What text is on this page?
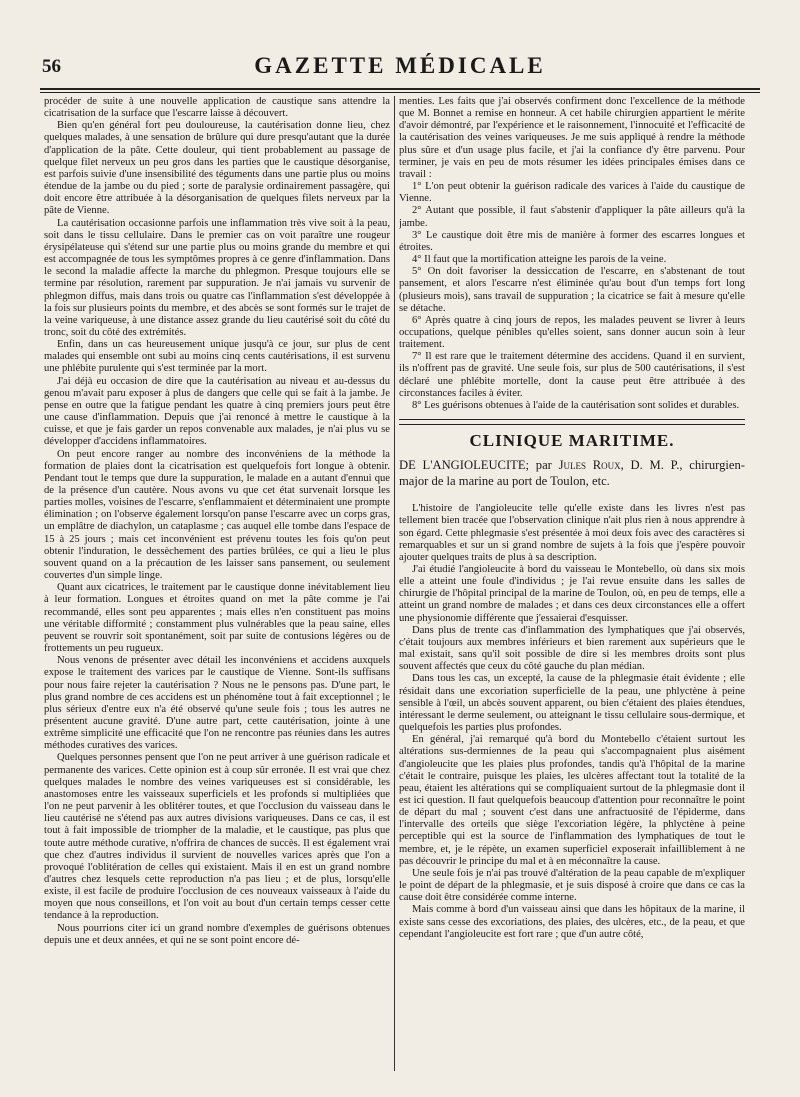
56	GAZETTE MÉDICALE

procéder de suite à une nouvelle application de caustique sans attendre la cicatrisation de la surface que l'escarre laisse à découvert.

Bien qu'en général fort peu douloureuse, la cautérisation donne lieu, chez quelques malades, à une sensation de brûlure qui dure presqu'autant que la durée d'application de la pâte. Cette douleur, qui tient probablement au passage de quelque filet nerveux un peu gros dans les parties que le caustique désorganise, est parfois suivie d'une insensibilité des téguments dans une partie plus ou moins étendue de la jambe ou du pied ; sorte de paralysie ordinairement passagère, qui doit encore être attribuée à la désorganisation de quelques filets nerveux par la pâte de Vienne.

La cautérisation occasionne parfois une inflammation très vive soit à la peau, soit dans le tissu cellulaire. Dans le premier cas on voit paraître une rougeur érysipélateuse qui s'étend sur une partie plus ou moins grande du membre et qui est accompagnée de tous les symptômes propres à ce genre d'inflammation. Dans le second la maladie affecte la marche du phlegmon. Presque toujours elle se termine par résolution, rarement par suppuration. Je n'ai jamais vu survenir de phlegmon diffus, mais dans trois ou quatre cas l'inflammation s'est développée à la fois sur plusieurs points du membre, et des abcès se sont formés sur le trajet de la veine variqueuse, à une distance assez grande du lieu cautérisé soit du côté du tronc, soit du côté des extrémités.

Enfin, dans un cas heureusement unique jusqu'à ce jour, sur plus de cent malades qui ensemble ont subi au moins cinq cents cautérisations, il est survenu une phlébite purulente qui s'est terminée par la mort.

J'ai déjà eu occasion de dire que la cautérisation au niveau et au-dessus du genou m'avait paru exposer à plus de dangers que celle qui se fait à la jambe. Je pense en outre que la fatigue pendant les quatre à cinq premiers jours peut être une cause d'inflammation. Depuis que j'ai renoncé à mettre le caustique à la cuisse, et que je fais garder un repos convenable aux malades, je n'ai plus vu se développer d'accidens inflammatoires.

On peut encore ranger au nombre des inconvéniens de la méthode la formation de plaies dont la cicatrisation est quelquefois fort longue à obtenir. Pendant tout le temps que dure la suppuration, le malade en a autant d'ennui que de la présence d'un cautère. Nous avons vu que cet état survenait lorsque les parties molles, voisines de l'escarre, s'enflammaient et déterminaient une prompte élimination ; on l'observe également lorsqu'on panse l'escarre avec un corps gras, un emplâtre de diachylon, un cataplasme ; cas auquel elle tombe dans l'espace de 15 à 25 jours ; mais cet inconvénient est prévenu toutes les fois qu'on peut obtenir l'induration, le dessèchement des parties brûlées, ce qui a lieu le plus souvent quand on a la précaution de les laisser sans pansement, ou seulement couvertes d'un simple linge.

Quant aux cicatrices, le traitement par le caustique donne inévitablement lieu à leur formation. Longues et étroites quand on met la pâte comme je l'ai recommandé, elles sont peu apparentes ; mais elles n'en constituent pas moins une véritable difformité ; constamment plus vulnérables que la peau saine, elles peuvent se rouvrir soit spontanément, soit par suite de contusions légères ou de frottements un peu rugueux.

Nous venons de présenter avec détail les inconvéniens et accidens auxquels expose le traitement des varices par le caustique de Vienne. Sont-ils suffisans pour nous faire rejeter la cautérisation ? Nous ne le pensons pas. D'une part, le plus grand nombre de ces accidens est un phénomène tout à fait exceptionnel ; le plus sérieux d'entre eux n'a été observé qu'une seule fois ; tous les autres ne présentent aucune gravité. D'une autre part, cette cautérisation, jointe à une extrême simplicité une efficacité que l'on ne rencontre pas réunies dans les autres méthodes curatives des varices.

Quelques personnes pensent que l'on ne peut arriver à une guérison radicale et permanente des varices. Cette opinion est à coup sûr erronée. Il est vrai que chez quelques malades le nombre des veines variqueuses est si considérable, les anastomoses entre les vaisseaux superficiels et les profonds si multipliées que l'on ne peut parvenir à les oblitérer toutes, et que l'occlusion du vaisseau dans le lieu cautérisé ne s'étend pas aux autres divisions variqueuses. Dans ce cas, il est tout à fait impossible de triompher de la maladie, et le caustique, pas plus que toute autre méthode curative, n'offrira de chances de succès. Il est également vrai que chez d'autres individus il survient de nouvelles varices après que l'on a provoqué l'oblitération de celles qui existaient. Mais il en est un grand nombre d'autres chez lesquels cette reproduction n'a pas lieu ; et de plus, lorsqu'elle existe, il est facile de produire l'occlusion de ces nouveaux vaisseaux à l'aide du moyen que nous conseillons, et l'on voit au bout d'un certain temps cesser cette tendance à la reproduction.

Nous pourrions citer ici un grand nombre d'exemples de guérisons obtenues depuis une et deux années, et qui ne se sont point encore dé-

menties. Les faits que j'ai observés confirment donc l'excellence de la méthode que M. Bonnet a remise en honneur. A cet habile chirurgien appartient le mérite d'avoir démontré, par l'expérience et le raisonnement, l'innocuité et l'efficacité de la cautérisation des veines variqueuses. Je me suis appliqué à rendre la méthode plus sûre et d'un usage plus facile, et j'ai la confiance d'y être parvenu. Pour terminer, je vais en peu de mots résumer les idées principales émises dans ce travail :

1° L'on peut obtenir la guérison radicale des varices à l'aide du caustique de Vienne.

2° Autant que possible, il faut s'abstenir d'appliquer la pâte ailleurs qu'à la jambe.

3° Le caustique doit être mis de manière à former des escarres longues et étroites.

4° Il faut que la mortification atteigne les parois de la veine.

5° On doit favoriser la dessiccation de l'escarre, en s'abstenant de tout pansement, et alors l'escarre n'est éliminée qu'au bout d'un temps fort long (plusieurs mois), sans travail de suppuration ; la cicatrice se fait à mesure qu'elle se détache.

6° Après quatre à cinq jours de repos, les malades peuvent se livrer à leurs occupations, quelque pénibles qu'elles soient, sans donner aucun soin à leur traitement.

7° Il est rare que le traitement détermine des accidens. Quand il en survient, ils n'offrent pas de gravité. Une seule fois, sur plus de 500 cautérisations, il s'est déclaré une phlébite mortelle, dont la cause peut être attribuée à des circonstances faciles à éviter.

8° Les guérisons obtenues à l'aide de la cautérisation sont solides et durables.

CLINIQUE MARITIME.

DE L'ANGIOLEUCITE; par Jules Roux, D. M. P., chirurgien-major de la marine au port de Toulon, etc.

L'histoire de l'angioleucite telle qu'elle existe dans les livres n'est pas tellement bien tracée que l'observation clinique n'ait plus rien à nous apprendre à son égard. Cette phlegmasie s'est présentée à moi deux fois avec des caractères si remarquables et sur un si grand nombre de sujets à la fois que j'espère pouvoir ajouter quelques traits de plus à sa description.

J'ai étudié l'angioleucite à bord du vaisseau le Montebello, où dans six mois elle a atteint une foule d'individus ; je l'ai revue ensuite dans les salles de chirurgie de l'hôpital principal de la marine de Toulon, où, en peu de temps, elle a atteint un grand nombre de malades ; et dans ces deux circonstances elle a offert une physionomie différente que j'essaierai d'esquisser.

Dans plus de trente cas d'inflammation des lymphatiques que j'ai observés, c'était toujours aux membres inférieurs et bien rarement aux supérieurs que le mal existait, sans qu'il soit possible de dire si les membres droits sont plus souvent affectés que ceux du côté gauche du plan médian.

Dans tous les cas, un excepté, la cause de la phlegmasie était évidente ; elle résidait dans une excoriation superficielle de la peau, une phlyctène à peine sensible à l'œil, un abcès souvent apparent, ou bien c'étaient des plaies étendues, intéressant le derme seulement, ou atteignant le tissu cellulaire sous-dermique, et quelquefois les parties plus profondes.

En général, j'ai remarqué qu'à bord du Montebello c'étaient surtout les altérations sus-dermiennes de la peau qui s'accompagnaient plus aisément d'angioleucite que les plaies plus profondes, tandis qu'à l'hôpital de la marine c'était le contraire, puisque les plaies, les ulcères affectant tout la totalité de la peau, étaient les altérations qui se compliquaient surtout de la phlegmasie dont il est ici question. Il faut quelquefois beaucoup d'attention pour reconnaître le point de départ du mal ; souvent c'est dans une anfractuosité de l'épiderme, dans l'intervalle des orteils que siège l'excoriation légère, la phlyctène à peine perceptible qui est la source de l'inflammation des lymphatiques de tout le membre, et, je le répète, un examen superficiel exposerait infailliblement à ne pas découvrir le principe du mal et à en méconnaître la cause.

Une seule fois je n'ai pas trouvé d'altération de la peau capable de m'expliquer le point de départ de la phlegmasie, et je suis disposé à croire que dans ce cas la cause doit être considérée comme interne.

Mais comme à bord d'un vaisseau ainsi que dans les hôpitaux de la marine, il existe sans cesse des excoriations, des plaies, des ulcères, etc., de la peau, et que cependant l'angioleucite est fort rare ; que d'un autre côté,
